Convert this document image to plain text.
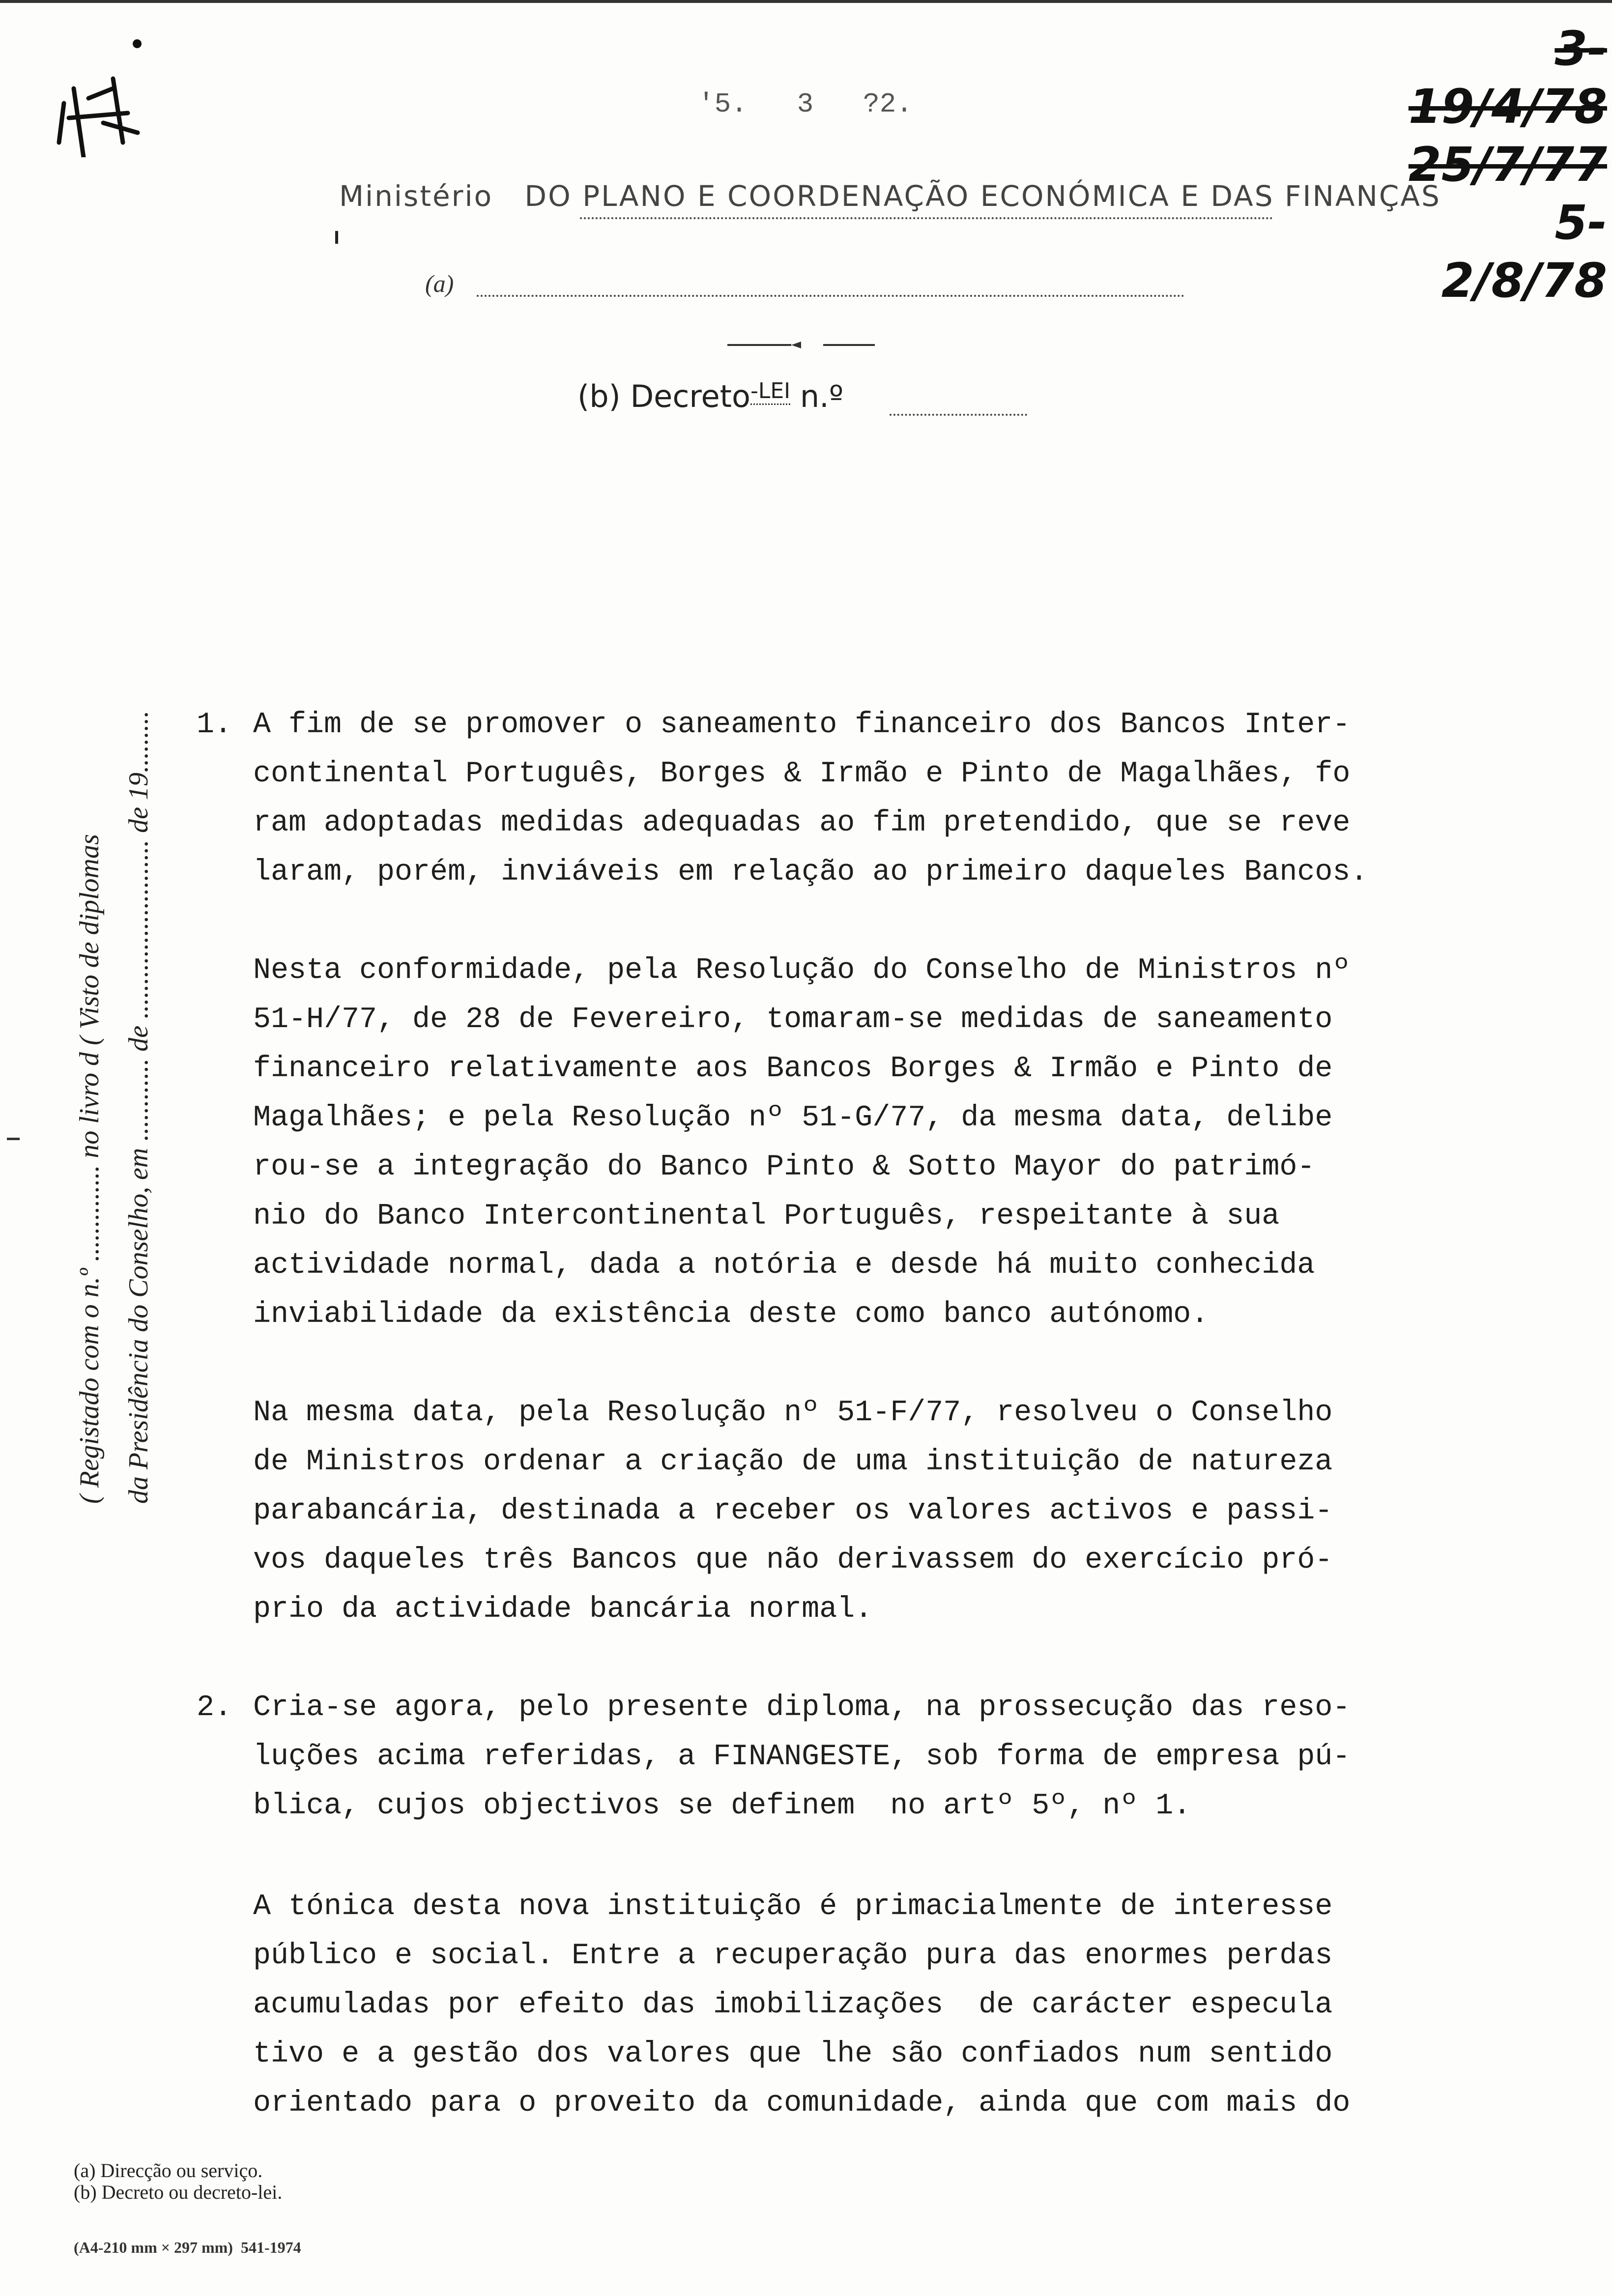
'5.   3   ?2.
3-19/4/78
25/7/77
5-2/8/78
Ministério   DO PLANO E COORDENAÇÃO ECONÓMICA E DAS FINANÇAS
(a)
(b) Decreto$^{-LEI}$ n.º
( Registado com o n.º .............. no livro d ( Visto de diplomas da Presidência do Conselho, em ............ de .......................... de 19......... 1. A fim de se promover o saneamento financeiro dos Bancos Inter-

continental Português, Borges & Irmão e Pinto de Magalhães, fo

ram adoptadas medidas adequadas ao fim pretendido, que se reve

laram, porém, inviáveis em relação ao primeiro daqueles Bancos.

Nesta conformidade, pela Resolução do Conselho de Ministros nº

51-H/77, de 28 de Fevereiro, tomaram-se medidas de saneamento

financeiro relativamente aos Bancos Borges & Irmão e Pinto de

Magalhães; e pela Resolução nº 51-G/77, da mesma data, delibe

rou-se a integração do Banco Pinto & Sotto Mayor do patrimó-

nio do Banco Intercontinental Português, respeitante à sua

actividade normal, dada a notória e desde há muito conhecida

inviabilidade da existência deste como banco autónomo.

Na mesma data, pela Resolução nº 51-F/77, resolveu o Conselho

de Ministros ordenar a criação de uma instituição de natureza

parabancária, destinada a receber os valores activos e passi-

vos daqueles três Bancos que não derivassem do exercício pró-

prio da actividade bancária normal.

2. Cria-se agora, pelo presente diploma, na prossecução das reso-

luções acima referidas, a FINANGESTE, sob forma de empresa pú-

blica, cujos objectivos se definem  no artº 5º, nº 1.

A tónica desta nova instituição é primacialmente de interesse

público e social. Entre a recuperação pura das enormes perdas

acumuladas por efeito das imobilizações  de carácter especula

tivo e a gestão dos valores que lhe são confiados num sentido

orientado para o proveito da comunidade, ainda que com mais do

(a) Direcção ou serviço.
(b) Decreto ou decreto-lei.
(A4-210 mm × 297 mm)  541-1974
